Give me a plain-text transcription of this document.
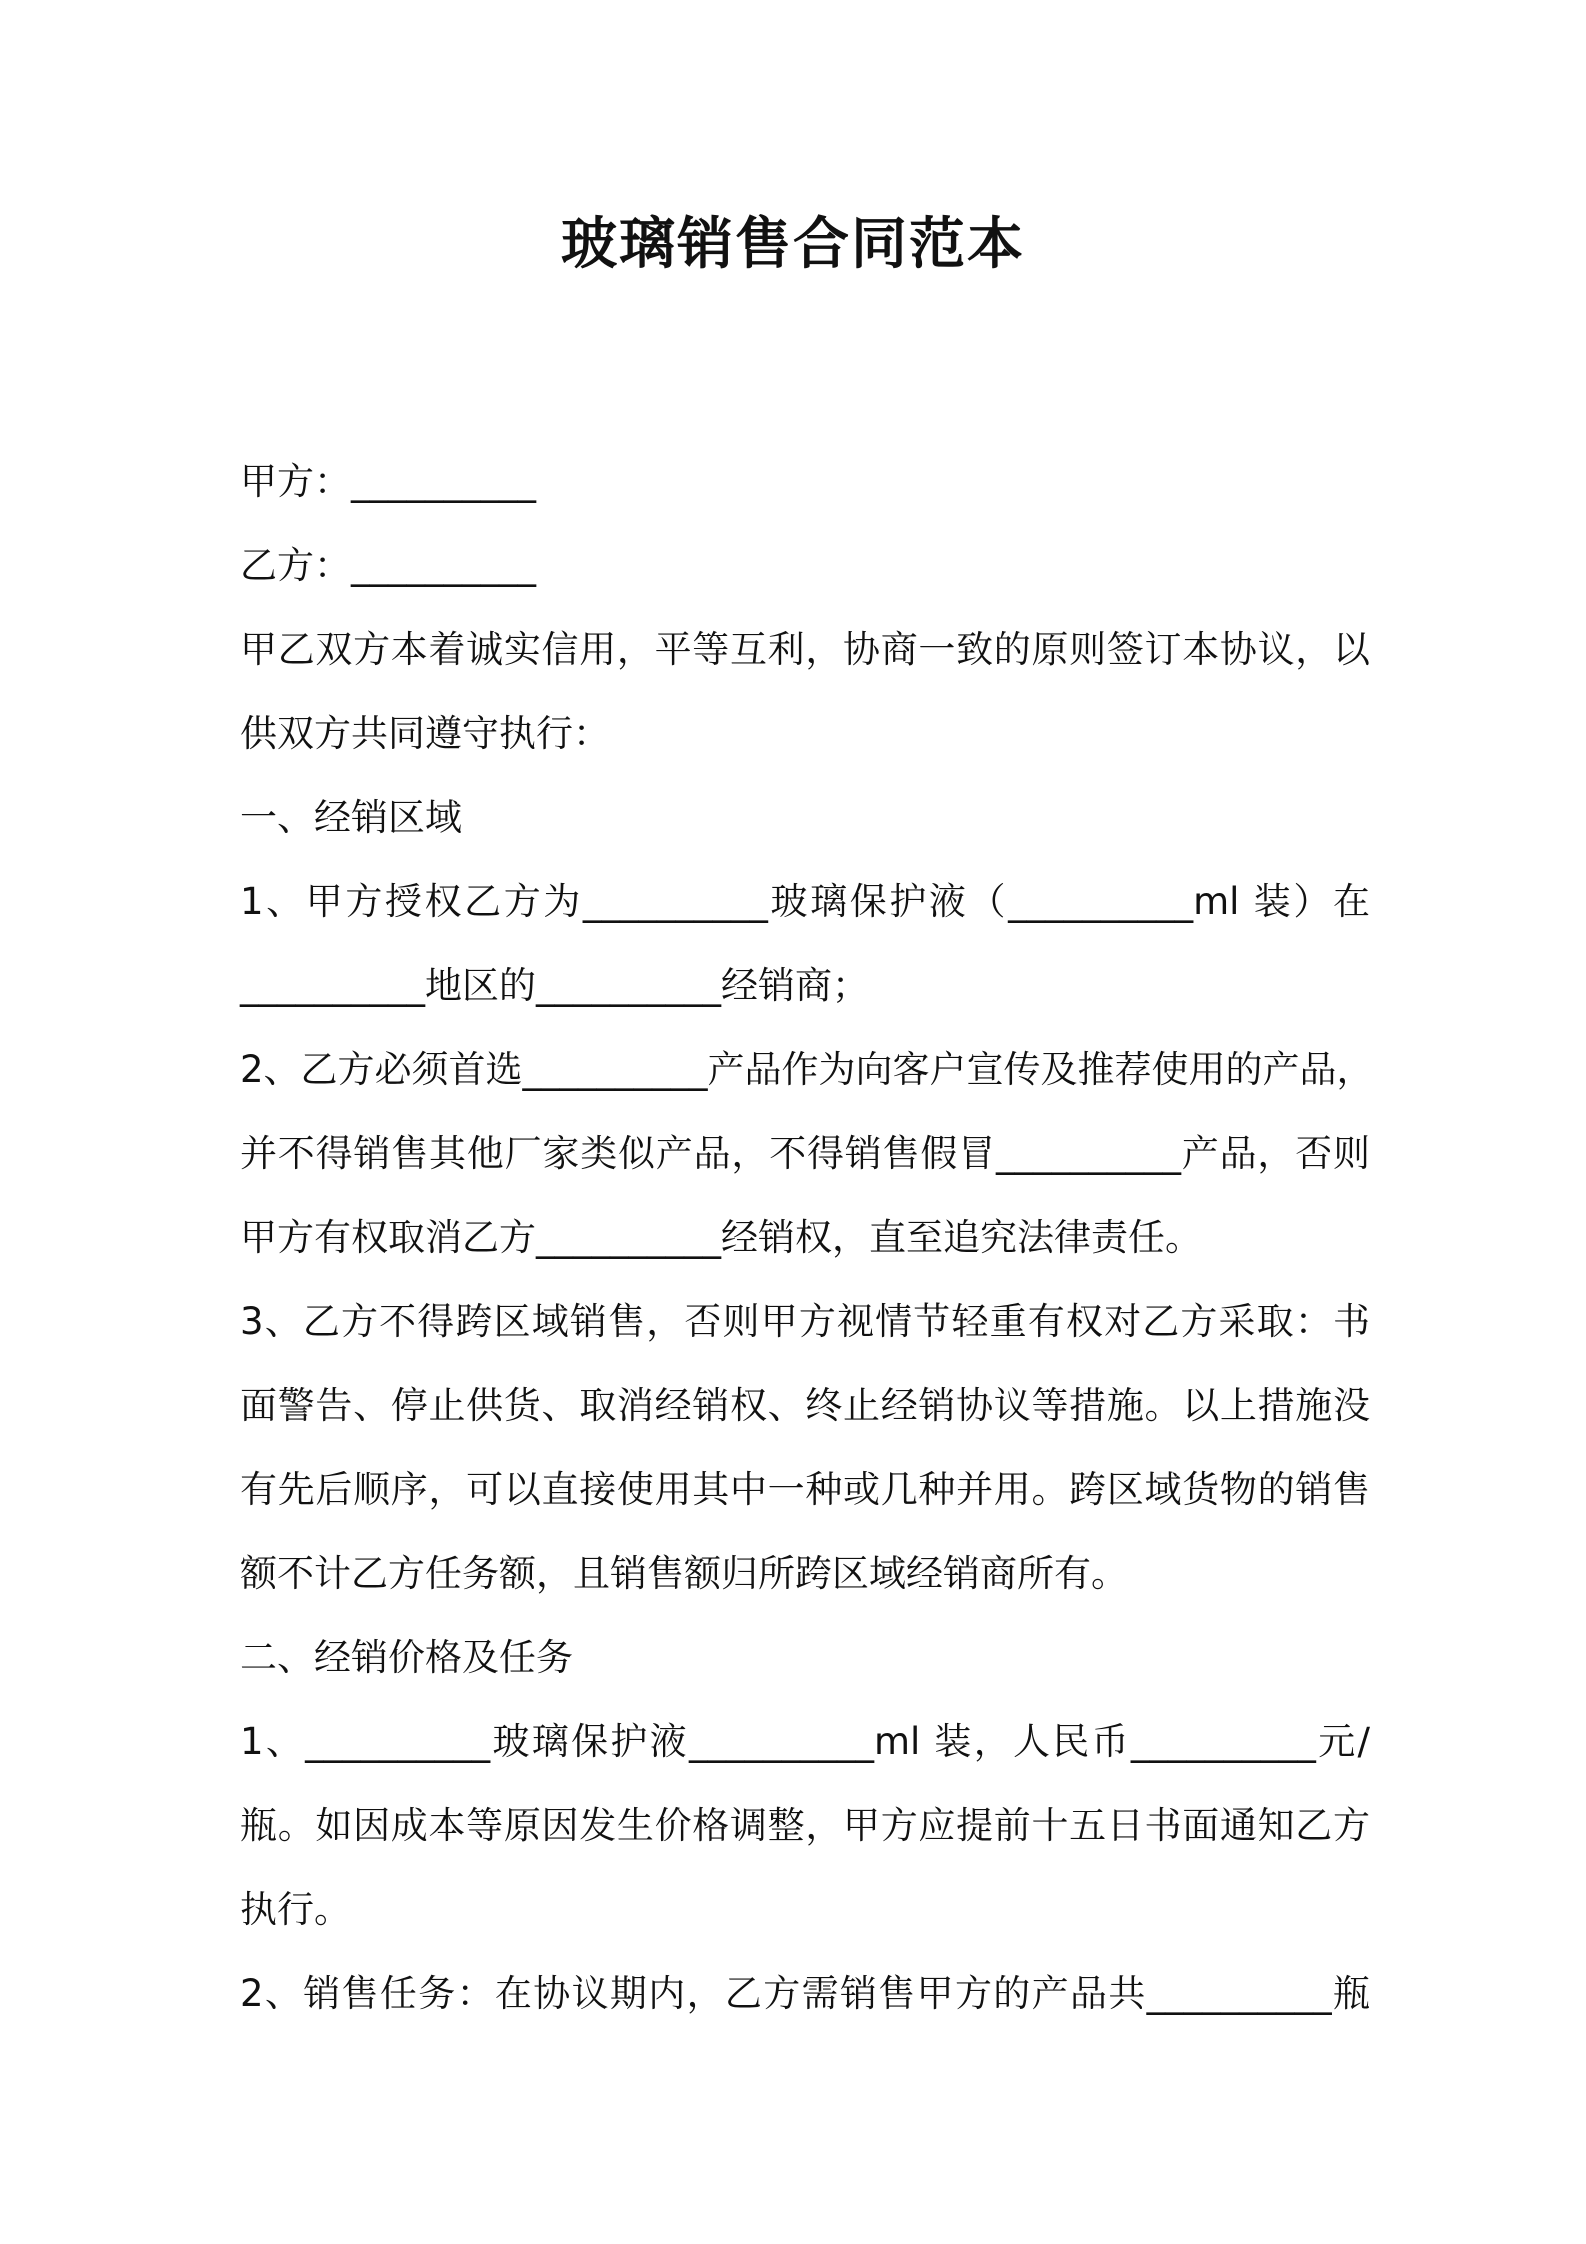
玻璃销售合同范本

甲方：__________

乙方：__________

甲乙双方本着诚实信用，平等互利，协商一致的原则签订本协议，以

供双方共同遵守执行：

一、经销区域

1、甲方授权乙方为__________玻璃保护液（__________ml 装）在

__________地区的__________经销商；

2、乙方必须首选__________产品作为向客户宣传及推荐使用的产品，

并不得销售其他厂家类似产品，不得销售假冒__________产品，否则

甲方有权取消乙方__________经销权，直至追究法律责任。

3、乙方不得跨区域销售，否则甲方视情节轻重有权对乙方采取：书

面警告、停止供货、取消经销权、终止经销协议等措施。以上措施没

有先后顺序，可以直接使用其中一种或几种并用。跨区域货物的销售

额不计乙方任务额，且销售额归所跨区域经销商所有。

二、经销价格及任务

1、__________玻璃保护液__________ml 装，人民币__________元/

瓶。如因成本等原因发生价格调整，甲方应提前十五日书面通知乙方

执行。

2、销售任务：在协议期内，乙方需销售甲方的产品共__________瓶
